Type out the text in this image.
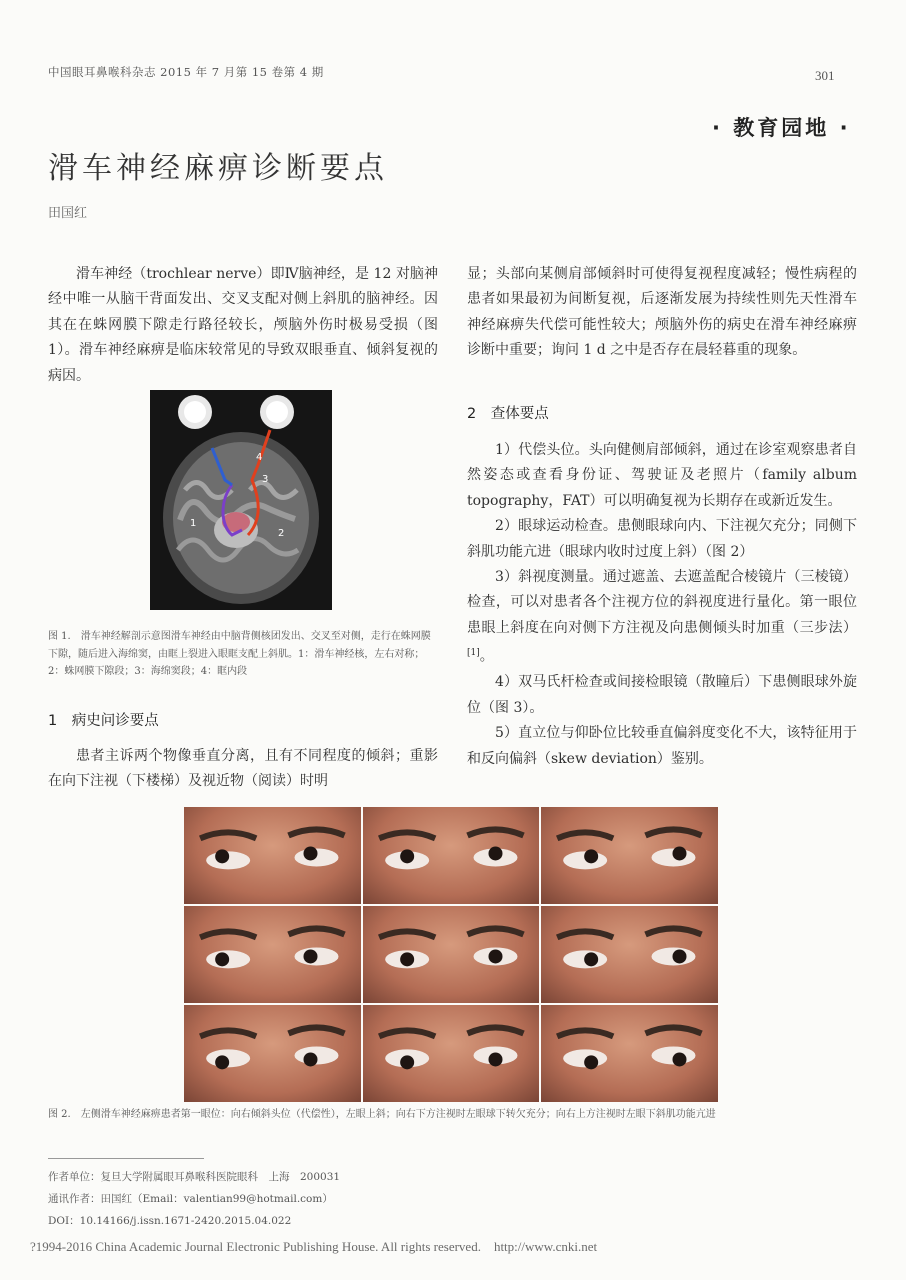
中国眼耳鼻喉科杂志 2015 年 7 月第 15 卷第 4 期	301
· 教育园地 ·
滑车神经麻痹诊断要点
田国红
滑车神经（trochlear nerve）即Ⅳ脑神经，是 12 对脑神经中唯一从脑干背面发出、交叉支配对侧上斜肌的脑神经。因其在在蛛网膜下隙走行路径较长，颅脑外伤时极易受损（图 1）。滑车神经麻痹是临床较常见的导致双眼垂直、倾斜复视的病因。
4
3
1
2
图 1.　滑车神经解剖示意图滑车神经由中脑背侧核团发出、交叉至对侧，走行在蛛网膜下隙，随后进入海绵窦，由眶上裂进入眼眶支配上斜肌。1：滑车神经核，左右对称；2：蛛网膜下隙段；3：海绵窦段；4：眶内段
1　病史问诊要点
患者主诉两个物像垂直分离，且有不同程度的倾斜；重影在向下注视（下楼梯）及视近物（阅读）时明
显；头部向某侧肩部倾斜时可使得复视程度减轻；慢性病程的患者如果最初为间断复视，后逐渐发展为持续性则先天性滑车神经麻痹失代偿可能性较大；颅脑外伤的病史在滑车神经麻痹诊断中重要；询问 1 d 之中是否存在晨轻暮重的现象。
2　查体要点

1）代偿头位。头向健侧肩部倾斜，通过在诊室观察患者自然姿态或查看身份证、驾驶证及老照片（family album topography，FAT）可以明确复视为长期存在或新近发生。

2）眼球运动检查。患侧眼球向内、下注视欠充分；同侧下斜肌功能亢进（眼球内收时过度上斜）（图 2）

3）斜视度测量。通过遮盖、去遮盖配合棱镜片（三棱镜）检查，可以对患者各个注视方位的斜视度进行量化。第一眼位患眼上斜度在向对侧下方注视及向患侧倾头时加重（三步法）[1]。

4）双马氏杆检查或间接检眼镜（散瞳后）下患侧眼球外旋位（图 3）。

5）直立位与仰卧位比较垂直偏斜度变化不大，该特征用于和反向偏斜（skew deviation）鉴别。

图 2.　左侧滑车神经麻痹患者第一眼位：向右倾斜头位（代偿性），左眼上斜；向右下方注视时左眼球下转欠充分；向右上方注视时左眼下斜肌功能亢进
作者单位：复旦大学附属眼耳鼻喉科医院眼科　上海　200031
通讯作者：田国红（Email：valentian99@hotmail.com）
DOI：10.14166/j.issn.1671-2420.2015.04.022
?1994-2016 China Academic Journal Electronic Publishing House. All rights reserved.　http://www.cnki.net
